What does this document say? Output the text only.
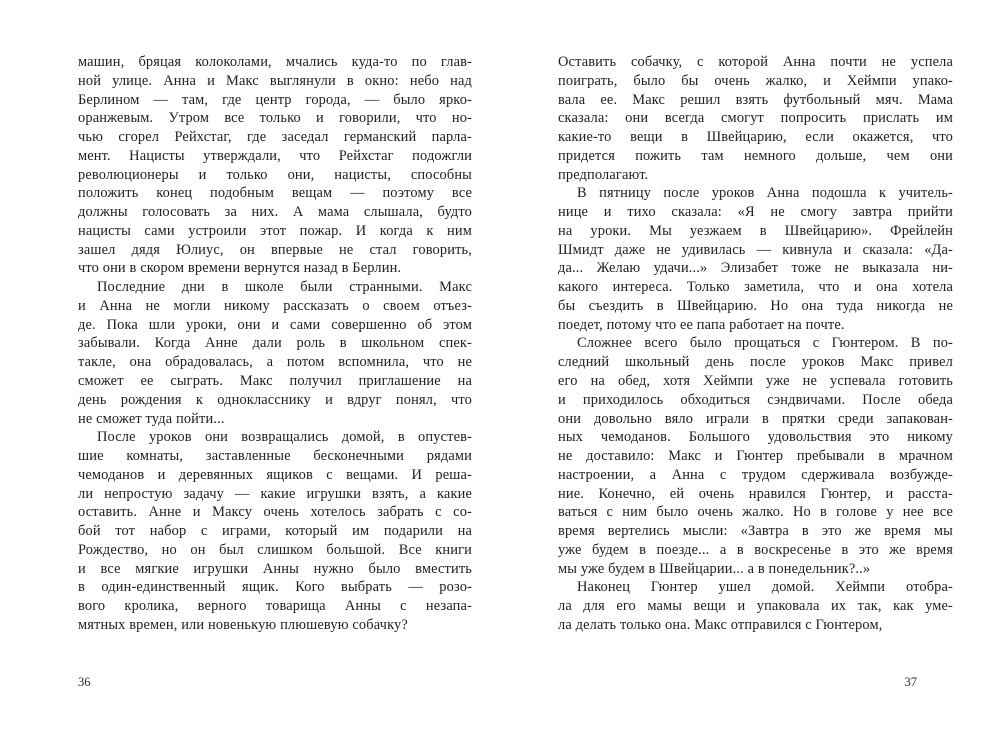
машин, бряцая колоколами, мчались куда-то по глав-
ной улице. Анна и Макс выглянули в окно: небо над
Берлином — там, где центр города, — было ярко-
оранжевым. Утром все только и говорили, что но-
чью сгорел Рейхстаг, где заседал германский парла-
мент. Нацисты утверждали, что Рейхстаг подожгли
революционеры и только они, нацисты, способны
положить конец подобным вещам — поэтому все
должны голосовать за них. А мама слышала, будто
нацисты сами устроили этот пожар. И когда к ним
зашел дядя Юлиус, он впервые не стал говорить,
что они в скором времени вернутся назад в Берлин.
Последние дни в школе были странными. Макс
и Анна не могли никому рассказать о своем отъез-
де. Пока шли уроки, они и сами совершенно об этом
забывали. Когда Анне дали роль в школьном спек-
такле, она обрадовалась, а потом вспомнила, что не
сможет ее сыграть. Макс получил приглашение на
день рождения к однокласснику и вдруг понял, что
не сможет туда пойти...
После уроков они возвращались домой, в опустев-
шие комнаты, заставленные бесконечными рядами
чемоданов и деревянных ящиков с вещами. И реша-
ли непростую задачу — какие игрушки взять, а какие
оставить. Анне и Максу очень хотелось забрать с со-
бой тот набор с играми, который им подарили на
Рождество, но он был слишком большой. Все книги
и все мягкие игрушки Анны нужно было вместить
в один-единственный ящик. Кого выбрать — розо-
вого кролика, верного товарища Анны с незапа-
мятных времен, или новенькую плюшевую собачку?
Оставить собачку, с которой Анна почти не успела
поиграть, было бы очень жалко, и Хеймпи упако-
вала ее. Макс решил взять футбольный мяч. Мама
сказала: они всегда смогут попросить прислать им
какие-то вещи в Швейцарию, если окажется, что
придется пожить там немного дольше, чем они
предполагают.
В пятницу после уроков Анна подошла к учитель-
нице и тихо сказала: «Я не смогу завтра прийти
на уроки. Мы уезжаем в Швейцарию». Фрейлейн
Шмидт даже не удивилась — кивнула и сказала: «Да-
да... Желаю удачи...» Элизабет тоже не выказала ни-
какого интереса. Только заметила, что и она хотела
бы съездить в Швейцарию. Но она туда никогда не
поедет, потому что ее папа работает на почте.
Сложнее всего было прощаться с Гюнтером. В по-
следний школьный день после уроков Макс привел
его на обед, хотя Хеймпи уже не успевала готовить
и приходилось обходиться сэндвичами. После обеда
они довольно вяло играли в прятки среди запакован-
ных чемоданов. Большого удовольствия это никому
не доставило: Макс и Гюнтер пребывали в мрачном
настроении, а Анна с трудом сдерживала возбужде-
ние. Конечно, ей очень нравился Гюнтер, и расста-
ваться с ним было очень жалко. Но в голове у нее все
время вертелись мысли: «Завтра в это же время мы
уже будем в поезде... а в воскресенье в это же время
мы уже будем в Швейцарии... а в понедельник?..»
Наконец Гюнтер ушел домой. Хеймпи отобра-
ла для его мамы вещи и упаковала их так, как уме-
ла делать только она. Макс отправился с Гюнтером,
36	37
